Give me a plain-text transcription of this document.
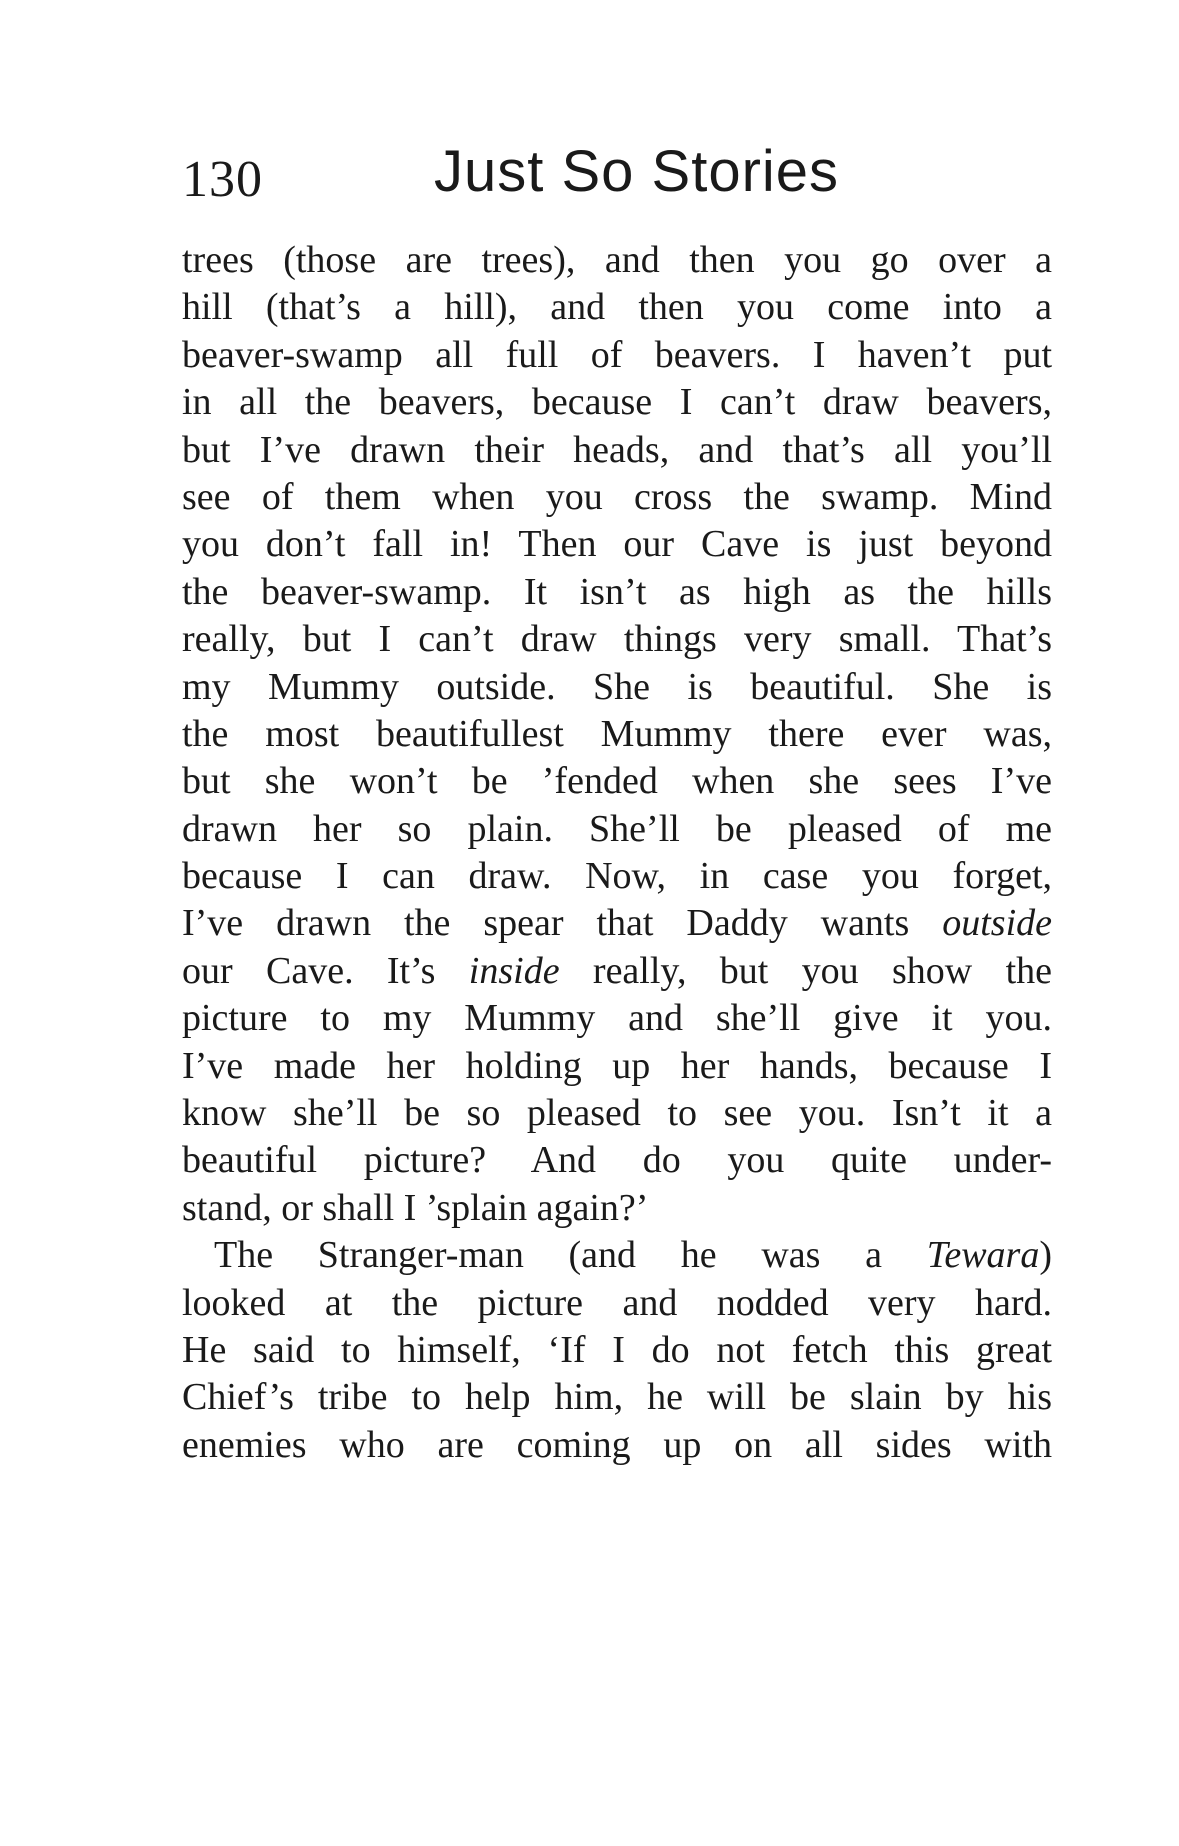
130	Just So Stories
trees (those are trees), and then you go over a
hill (that’s a hill), and then you come into a
beaver-swamp all full of beavers. I haven’t put
in all the beavers, because I can’t draw beavers,
but I’ve drawn their heads, and that’s all you’ll
see of them when you cross the swamp. Mind
you don’t fall in! Then our Cave is just beyond
the beaver-swamp. It isn’t as high as the hills
really, but I can’t draw things very small. That’s
my Mummy outside. She is beautiful. She is
the most beautifullest Mummy there ever was,
but she won’t be ’fended when she sees I’ve
drawn her so plain. She’ll be pleased of me
because I can draw. Now, in case you forget,
I’ve drawn the spear that Daddy wants outside
our Cave. It’s inside really, but you show the
picture to my Mummy and she’ll give it you.
I’ve made her holding up her hands, because I
know she’ll be so pleased to see you. Isn’t it a
beautiful picture? And do you quite under-
stand, or shall I ’splain again?’
The Stranger-man (and he was a Tewara)
looked at the picture and nodded very hard.
He said to himself, ‘If I do not fetch this great
Chief’s tribe to help him, he will be slain by his
enemies who are coming up on all sides with
